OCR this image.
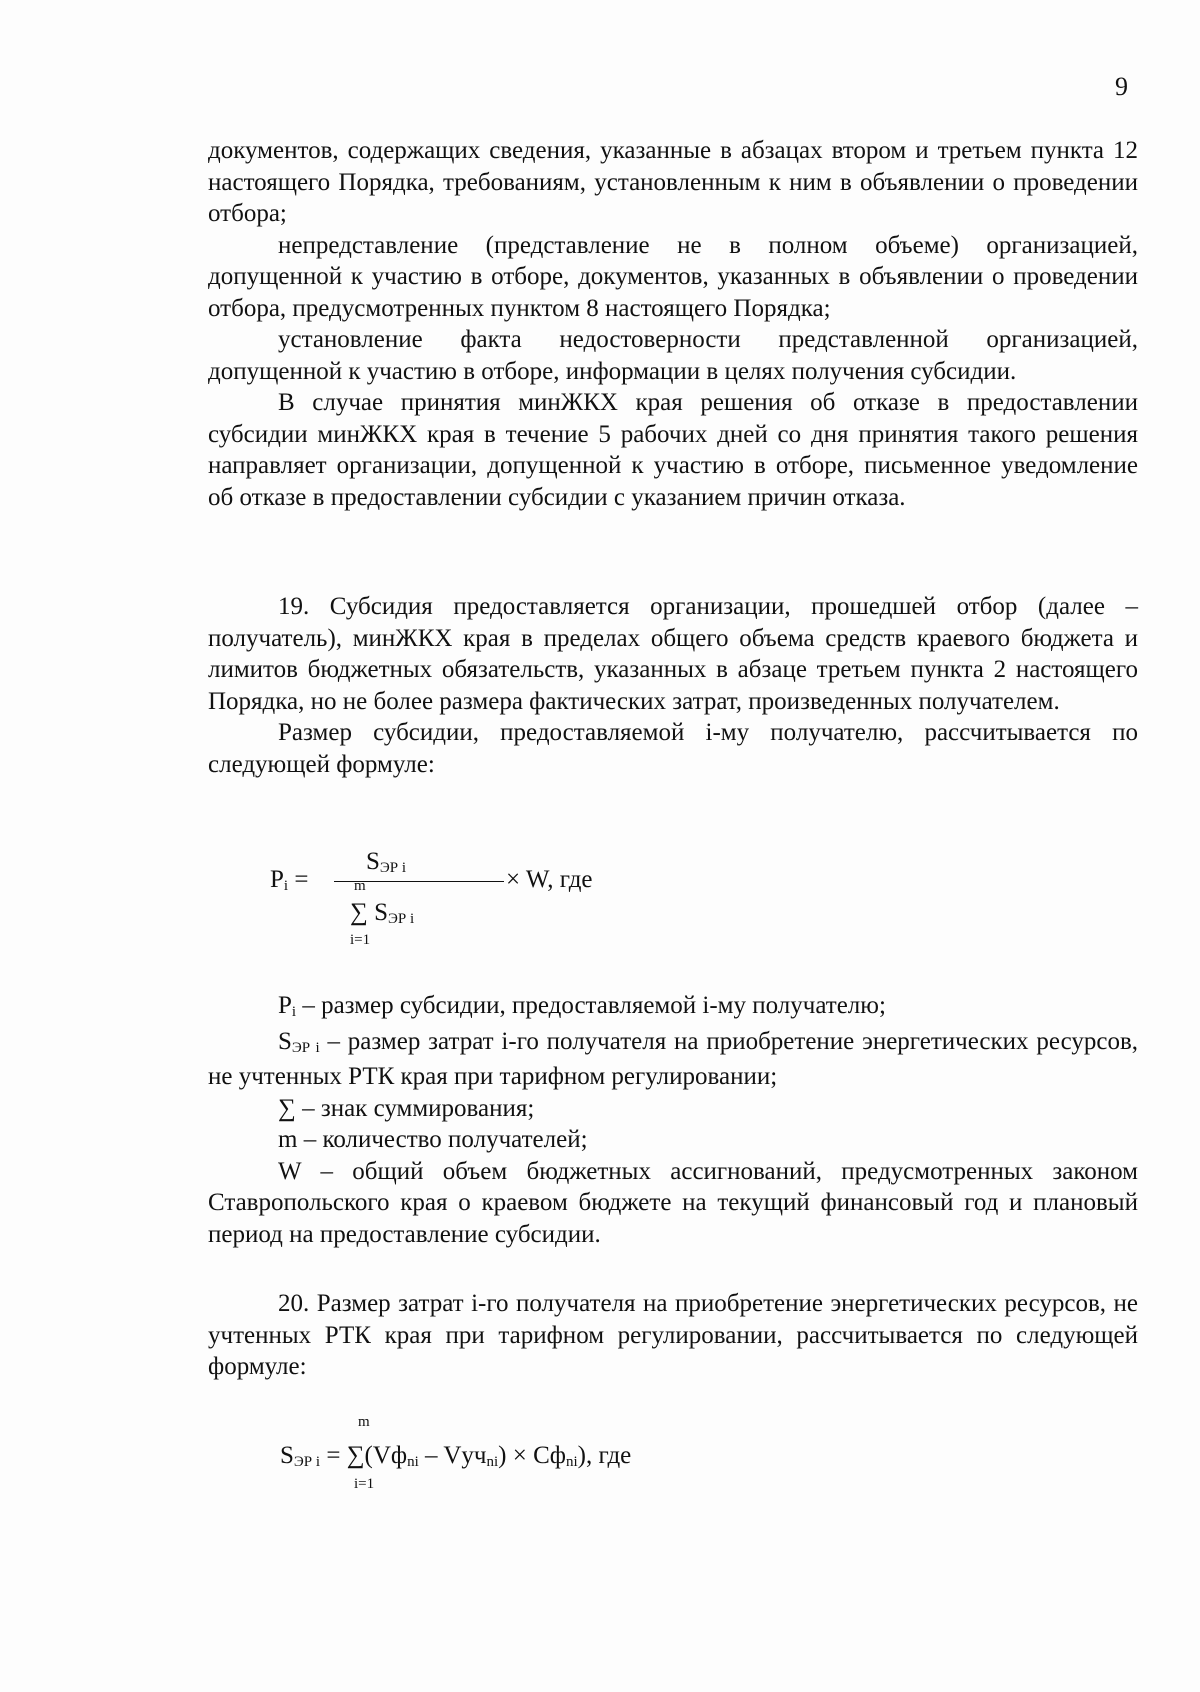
9

документов, содержащих сведения, указанные в абзацах втором и третьем пункта 12 настоящего Порядка, требованиям, установленным к ним в объявлении о проведении отбора;

непредставление (представление не в полном объеме) организацией, допущенной к участию в отборе, документов, указанных в объявлении о проведении отбора, предусмотренных пунктом 8 настоящего Порядка;

установление факта недостоверности представленной организацией, допущенной к участию в отборе, информации в целях получения субсидии.

В случае принятия минЖКХ края решения об отказе в предоставлении субсидии минЖКХ края в течение 5 рабочих дней со дня принятия такого решения направляет организации, допущенной к участию в отборе, письменное уведомление об отказе в предоставлении субсидии с указанием причин отказа.

19. Субсидия предоставляется организации, прошедшей отбор (далее – получатель), минЖКХ края в пределах общего объема средств краевого бюджета и лимитов бюджетных обязательств, указанных в абзаце третьем пункта 2 настоящего Порядка, но не более размера фактических затрат, произведенных получателем.

Размер субсидии, предоставляемой i-му получателю, рассчитывается по следующей формуле:

Pi =
SЭР i
m	× W, где
∑ SЭР i
i=1

Pi – размер субсидии, предоставляемой i-му получателю;

SЭР i – размер затрат i-го получателя на приобретение энергетических ресурсов, не учтенных РТК края при тарифном регулировании;

∑ – знак суммирования;

m – количество получателей;

W – общий объем бюджетных ассигнований, предусмотренных законом Ставропольского края о краевом бюджете на текущий финансовый год и плановый период на предоставление субсидии.

20. Размер затрат i-го получателя на приобретение энергетических ресурсов, не учтенных РТК края при тарифном регулировании, рассчитывается по следующей формуле:

m
SЭР i = ∑(Vфni – Vучni) × Cфni), где
i=1
